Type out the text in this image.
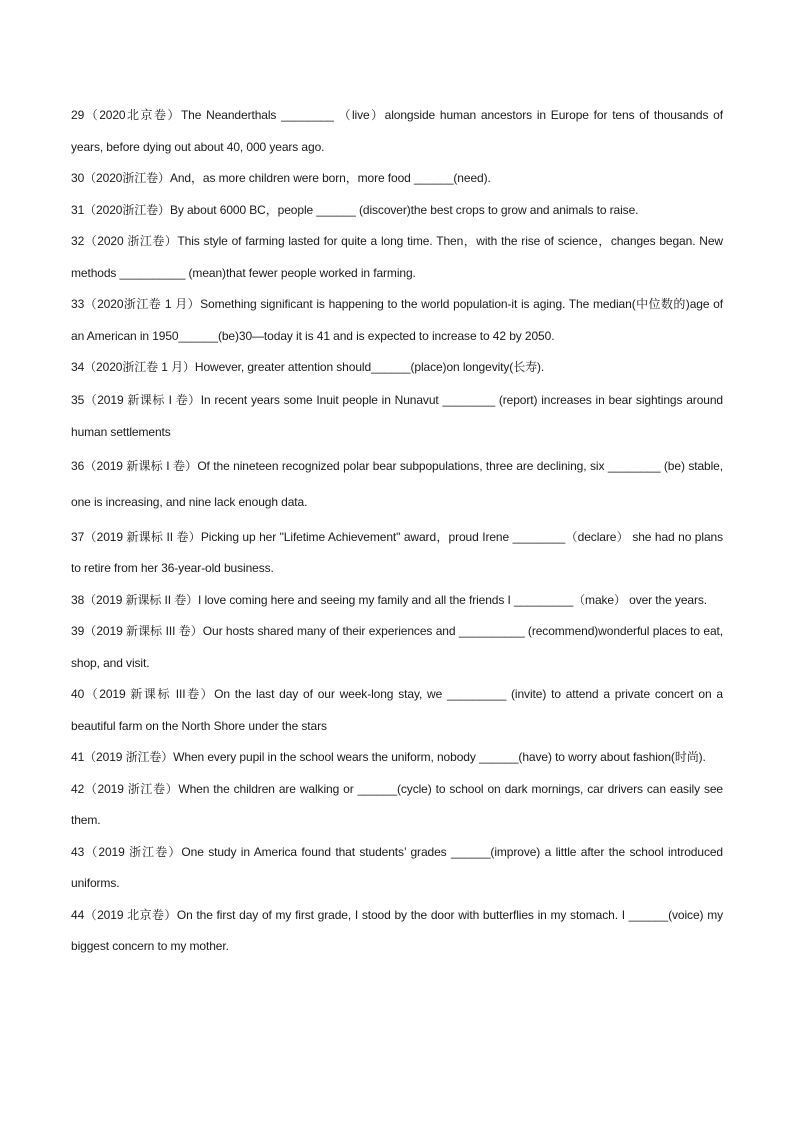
29（2020北京卷）The Neanderthals ________ （live）alongside human ancestors in Europe for tens of thousands of years, before dying out about 40, 000 years ago.

30（2020浙江卷）And，as more children were born，more food ______(need).

31（2020浙江卷）By about 6000 BC，people ______ (discover)the best crops to grow and animals to raise.

32（2020 浙江卷）This style of farming lasted for quite a long time. Then，with the rise of science，changes began. New methods __________ (mean)that fewer people worked in farming.

33（2020浙江卷 1 月）Something significant is happening to the world population-it is aging. The median(中位数的)age of an American in 1950______(be)30—today it is 41 and is expected to increase to 42 by 2050.

34（2020浙江卷 1 月）However, greater attention should______(place)on longevity(长寿).

35（2019 新课标 I 卷）In recent years some Inuit people in Nunavut ________ (report) increases in bear sightings around human settlements

36（2019 新课标 I 卷）Of the nineteen recognized polar bear subpopulations, three are declining, six ________ (be) stable, one is increasing, and nine lack enough data.

37（2019 新课标 II 卷）Picking up her "Lifetime Achievement" award，proud Irene ________（declare） she had no plans to retire from her 36-year-old business.

38（2019 新课标 II 卷）I love coming here and seeing my family and all the friends I _________（make） over the years.

39（2019 新课标 III 卷）Our hosts shared many of their experiences and __________ (recommend)wonderful places to eat, shop, and visit.

40（2019 新课标 III卷）On the last day of our week-long stay, we _________ (invite) to attend a private concert on a beautiful farm on the North Shore under the stars

41（2019 浙江卷）When every pupil in the school wears the uniform, nobody ______(have) to worry about fashion(时尚).

42（2019 浙江卷）When the children are walking or ______(cycle) to school on dark mornings, car drivers can easily see them.

43（2019 浙江卷）One study in America found that students’ grades ______(improve) a little after the school introduced uniforms.

44（2019 北京卷）On the first day of my first grade, I stood by the door with butterflies in my stomach. I ______(voice) my biggest concern to my mother.
